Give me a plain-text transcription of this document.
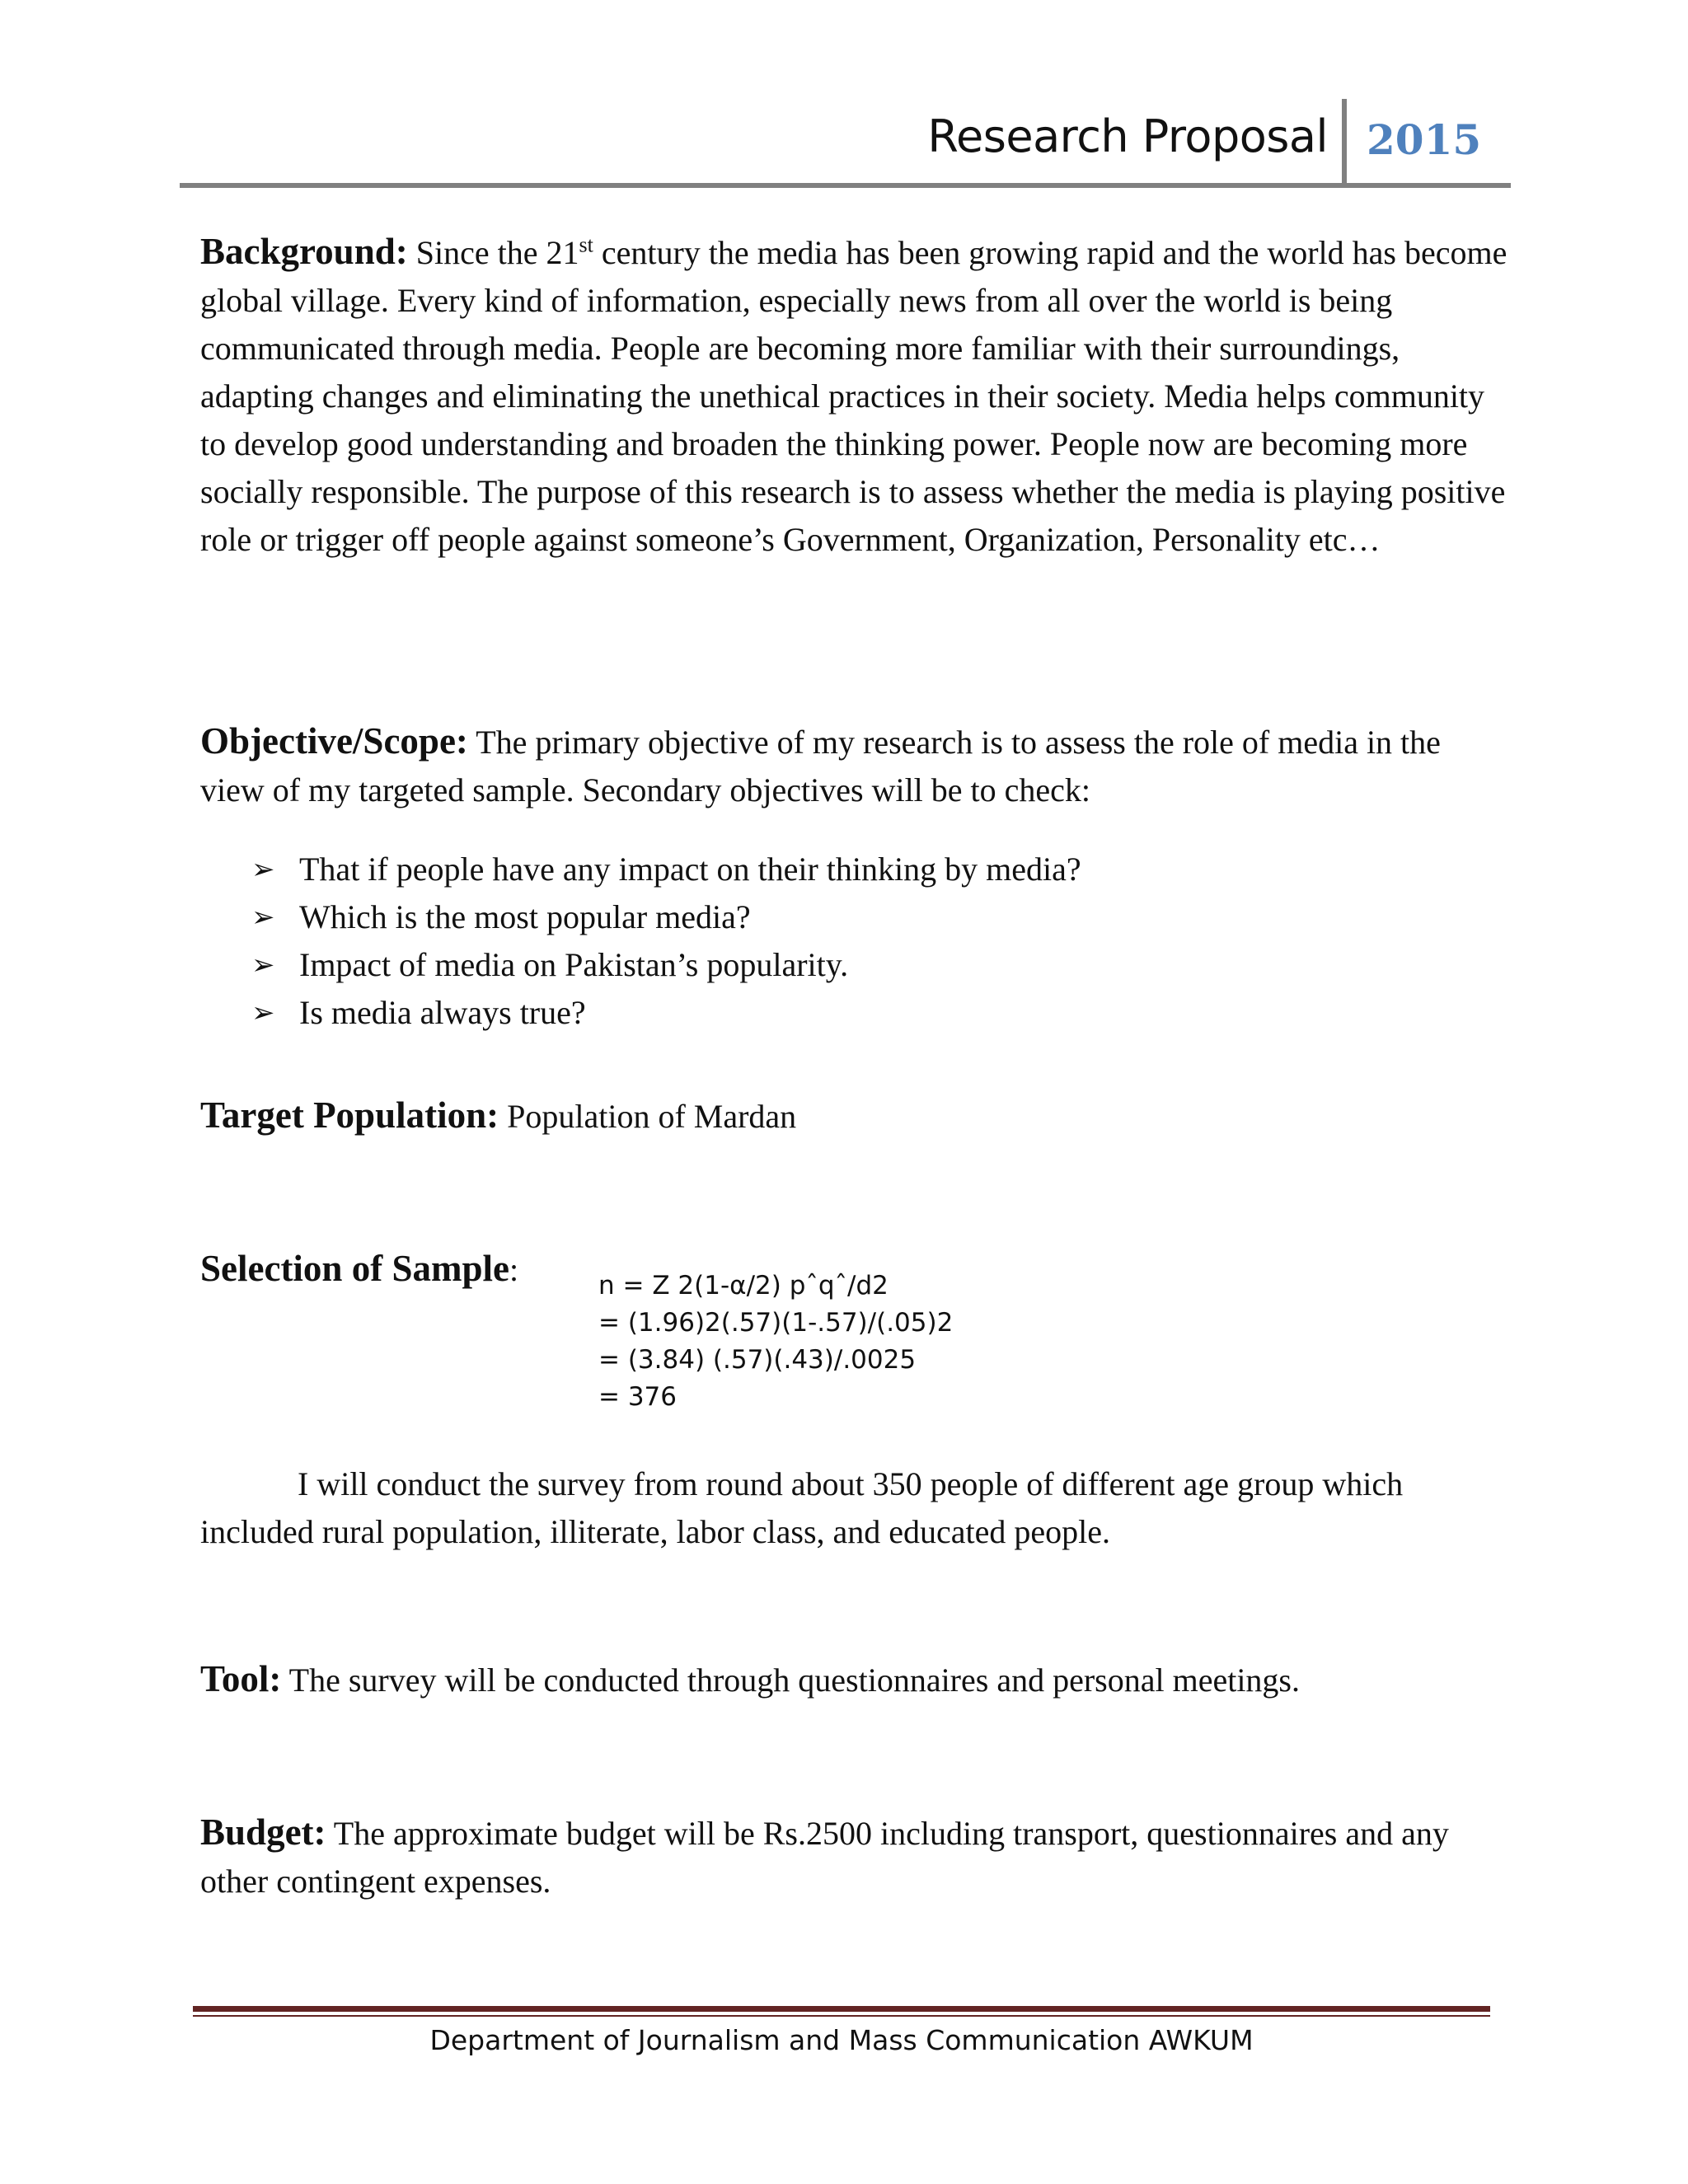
Research Proposal 2015

Background: Since the 21st century the media has been growing rapid and the world has become global village. Every kind of information, especially news from all over the world is being communicated through media. People are becoming more familiar with their surroundings, adapting changes and eliminating the unethical practices in their society. Media helps community to develop good understanding and broaden the thinking power. People now are becoming more socially responsible. The purpose of this research is to assess whether the media is playing positive role or trigger off people against someone’s Government, Organization, Personality etc…

Objective/Scope: The primary objective of my research is to assess the role of media in the view of my targeted sample. Secondary objectives will be to check:

➢ That if people have any impact on their thinking by media?
➢ Which is the most popular media?
➢ Impact of media on Pakistan’s popularity.
➢ Is media always true?

Target Population: Population of Mardan

Selection of Sample:	n = Z 2(1-α/2) pˆqˆ/d2
= (1.96)2(.57)(1-.57)/(.05)2
= (3.84) (.57)(.43)/.0025
= 376

I will conduct the survey from round about 350 people of different age group which included rural population, illiterate, labor class, and educated people.

Tool: The survey will be conducted through questionnaires and personal meetings.

Budget: The approximate budget will be Rs.2500 including transport, questionnaires and any other contingent expenses.

Department of Journalism and Mass Communication AWKUM
